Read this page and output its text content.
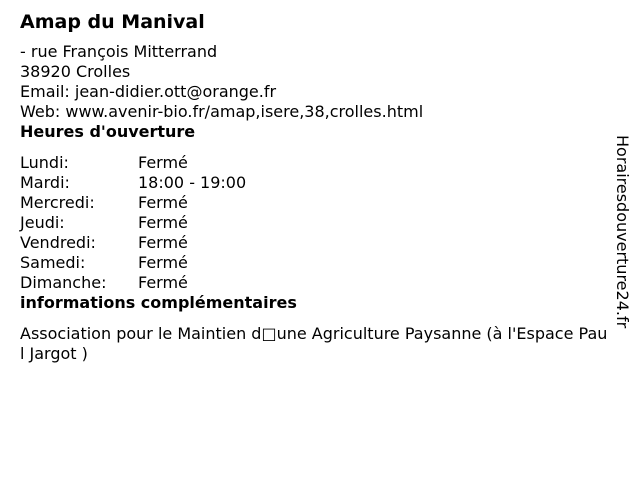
Amap du Manival
- rue François Mitterrand
38920 Crolles
Email: jean-didier.ott@orange.fr
Web: www.avenir-bio.fr/amap,isere,38,crolles.html
Heures d'ouverture
Lundi:	Fermé
Mardi:	18:00 - 19:00
Mercredi:	Fermé
Jeudi:	Fermé
Vendredi:	Fermé
Samedi:	Fermé
Dimanche: Fermé
informations complémentaires
Association pour le Maintien d□une Agriculture Paysanne (à l'Espace Paul Jargot )
Horairesdouverture24.fr
